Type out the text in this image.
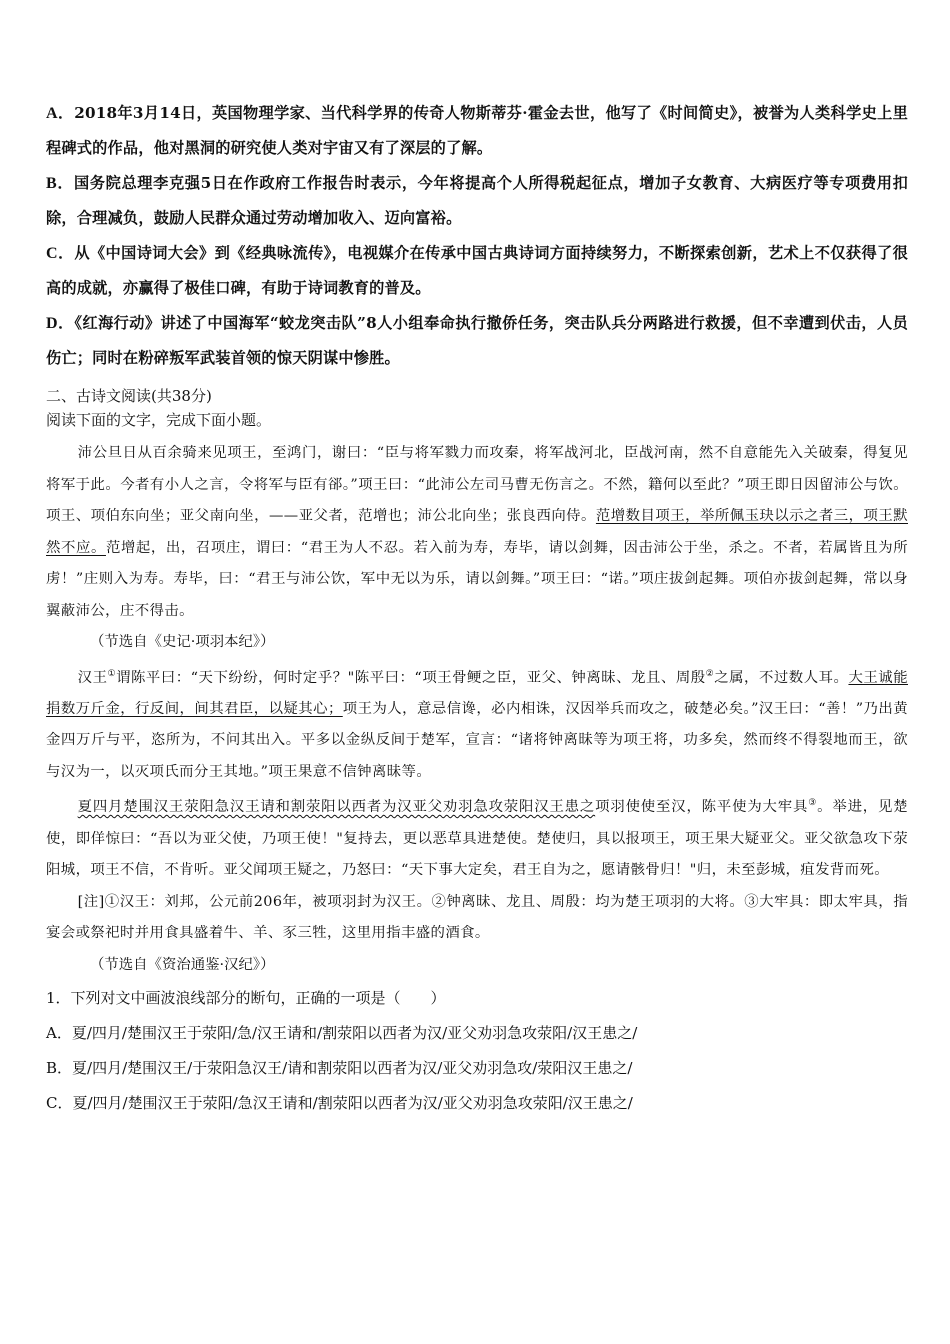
A．2018年3月14日，英国物理学家、当代科学界的传奇人物斯蒂芬·霍金去世，他写了《时间简史》，被誉为人类科学史上里程碑式的作品，他对黑洞的研究使人类对宇宙又有了深层的了解。

B．国务院总理李克强5日在作政府工作报告时表示，今年将提高个人所得税起征点，增加子女教育、大病医疗等专项费用扣除，合理减负，鼓励人民群众通过劳动增加收入、迈向富裕。

C．从《中国诗词大会》到《经典咏流传》，电视媒介在传承中国古典诗词方面持续努力，不断探索创新，艺术上不仅获得了很高的成就，亦赢得了极佳口碑，有助于诗词教育的普及。

D．《红海行动》讲述了中国海军“蛟龙突击队”8人小组奉命执行撤侨任务，突击队兵分两路进行救援，但不幸遭到伏击，人员伤亡；同时在粉碎叛军武装首领的惊天阴谋中惨胜。

二、古诗文阅读(共38分)

阅读下面的文字，完成下面小题。

沛公旦日从百余骑来见项王，至鸿门，谢曰：“臣与将军戮力而攻秦，将军战河北，臣战河南，然不自意能先入关破秦，得复见将军于此。今者有小人之言，令将军与臣有郤。”项王曰：“此沛公左司马曹无伤言之。不然，籍何以至此？”项王即日因留沛公与饮。项王、项伯东向坐；亚父南向坐，——亚父者，范增也；沛公北向坐；张良西向侍。范增数目项王，举所佩玉玦以示之者三，项王默然不应。范增起，出，召项庄，谓曰：“君王为人不忍。若入前为寿，寿毕，请以剑舞，因击沛公于坐，杀之。不者，若属皆且为所虏！”庄则入为寿。寿毕，曰：“君王与沛公饮，军中无以为乐，请以剑舞。”项王曰：“诺。”项庄拔剑起舞。项伯亦拔剑起舞，常以身翼蔽沛公，庄不得击。

（节选自《史记·项羽本纪》）

汉王①谓陈平曰：“天下纷纷，何时定乎？"陈平曰：“项王骨鲠之臣，亚父、钟离昧、龙且、周殷②之属，不过数人耳。大王诚能捐数万斤金，行反间，间其君臣，以疑其心；项王为人，意忌信谗，必内相诛，汉因举兵而攻之，破楚必矣。”汉王曰：“善！”乃出黄金四万斤与平，恣所为，不问其出入。平多以金纵反间于楚军，宣言：“诸将钟离昧等为项王将，功多矣，然而终不得裂地而王，欲与汉为一，以灭项氏而分王其地。”项王果意不信钟离昧等。

夏四月楚围汉王荥阳急汉王请和割荥阳以西者为汉亚父劝羽急攻荥阳汉王患之项羽使使至汉，陈平使为大牢具③。举进，见楚使，即佯惊曰：“吾以为亚父使，乃项王使！"复持去，更以恶草具进楚使。楚使归，具以报项王，项王果大疑亚父。亚父欲急攻下荥阳城，项王不信，不肯听。亚父闻项王疑之，乃怒曰：“天下事大定矣，君王自为之，愿请骸骨归！"归，未至彭城，疽发背而死。

[注]①汉王：刘邦，公元前206年，被项羽封为汉王。②钟离昧、龙且、周殷：均为楚王项羽的大将。③大牢具：即太牢具，指宴会或祭祀时并用食具盛着牛、羊、豕三牲，这里用指丰盛的酒食。

（节选自《资治通鉴·汉纪》）

1．下列对文中画波浪线部分的断句，正确的一项是（　　）

A．夏/四月/楚围汉王于荥阳/急/汉王请和/割荥阳以西者为汉/亚父劝羽急攻荥阳/汉王患之/

B．夏/四月/楚围汉王/于荥阳急汉王/请和割荥阳以西者为汉/亚父劝羽急攻/荥阳汉王患之/

C．夏/四月/楚围汉王于荥阳/急汉王请和/割荥阳以西者为汉/亚父劝羽急攻荥阳/汉王患之/
